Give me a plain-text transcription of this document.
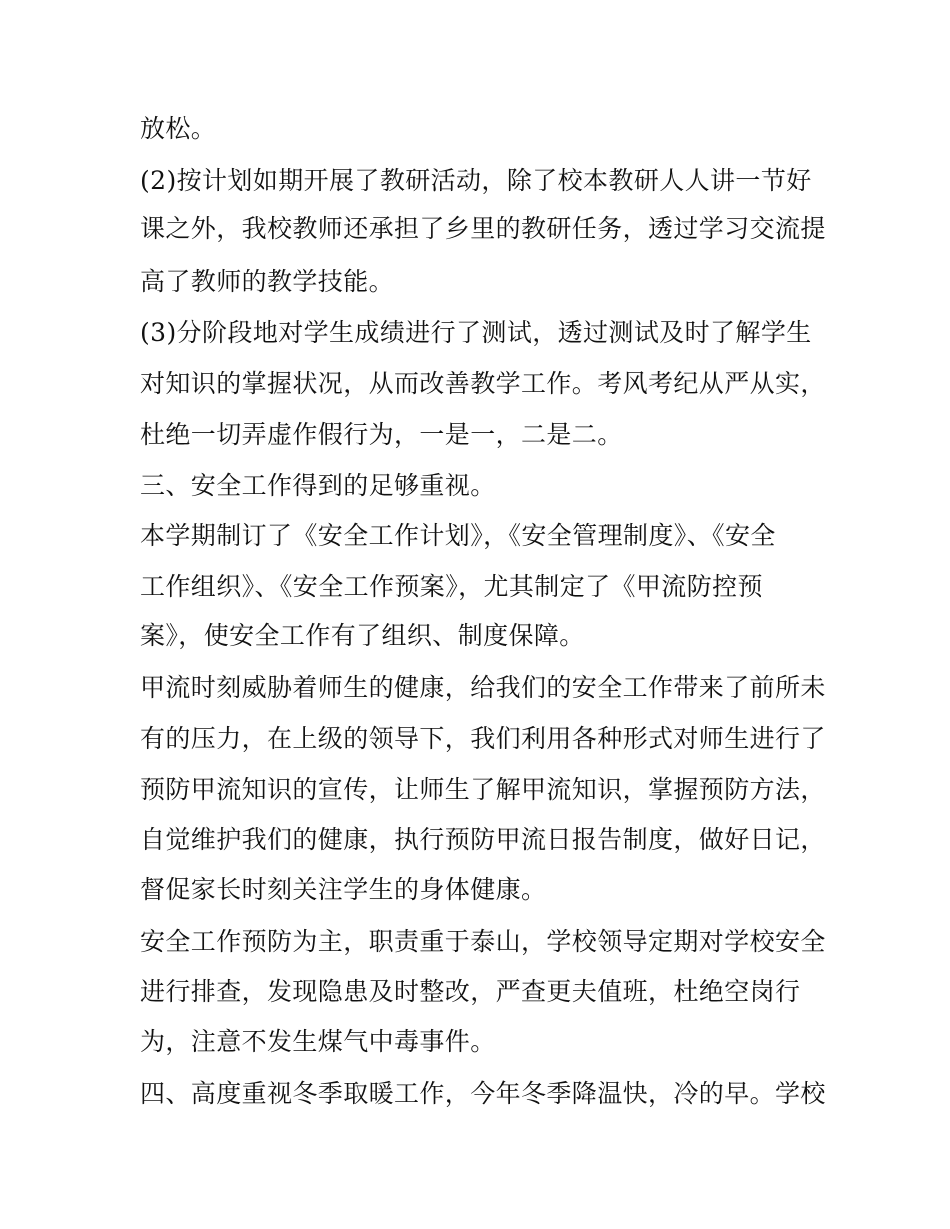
放松。
(2)按计划如期开展了教研活动，除了校本教研人人讲一节好
课之外，我校教师还承担了乡里的教研任务，透过学习交流提
高了教师的教学技能。
(3)分阶段地对学生成绩进行了测试，透过测试及时了解学生
对知识的掌握状况，从而改善教学工作。考风考纪从严从实，
杜绝一切弄虚作假行为，一是一，二是二。
三、安全工作得到的足够重视。
本学期制订了《安全工作计划》，《安全管理制度》、《安全
工作组织》、《安全工作预案》，尤其制定了《甲流防控预
案》，使安全工作有了组织、制度保障。
甲流时刻威胁着师生的健康，给我们的安全工作带来了前所未
有的压力，在上级的领导下，我们利用各种形式对师生进行了
预防甲流知识的宣传，让师生了解甲流知识，掌握预防方法，
自觉维护我们的健康，执行预防甲流日报告制度，做好日记，
督促家长时刻关注学生的身体健康。
安全工作预防为主，职责重于泰山，学校领导定期对学校安全
进行排查，发现隐患及时整改，严查更夫值班，杜绝空岗行
为，注意不发生煤气中毒事件。
四、高度重视冬季取暖工作，今年冬季降温快，冷的早。学校
